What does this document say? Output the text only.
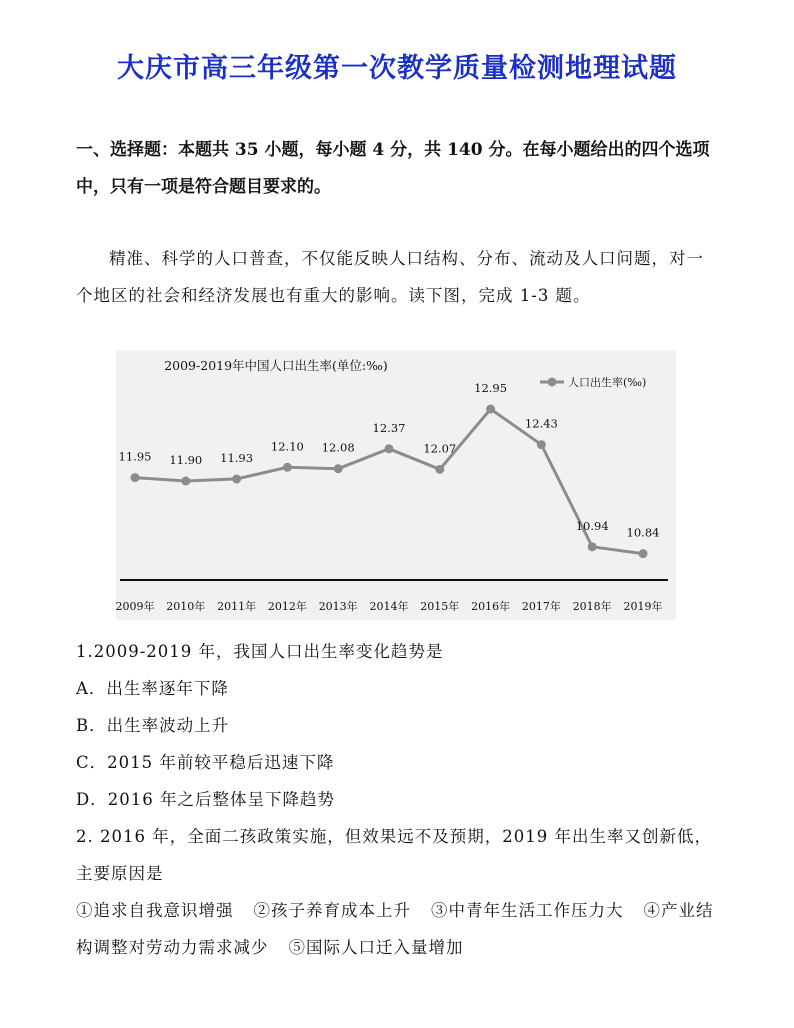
大庆市高三年级第一次教学质量检测地理试题
一、选择题：本题共 35 小题，每小题 4 分，共 140 分。在每小题给出的四个选项中，只有一项是符合题目要求的。
精准、科学的人口普查，不仅能反映人口结构、分布、流动及人口问题，对一个地区的社会和经济发展也有重大的影响。读下图，完成 1-3 题。
2009-2019年中国人口出生率(单位:‰)
人口出生率(‰)
11.95
2009年
11.90
2010年
11.93
2011年
12.10
2012年
12.08
2013年
12.37
2014年
12.07
2015年
12.95
2016年
12.43
2017年
10.94
2018年
10.84
2019年
1.2009-2019 年，我国人口出生率变化趋势是
A．出生率逐年下降
B．出生率波动上升
C．2015 年前较平稳后迅速下降
D．2016 年之后整体呈下降趋势
2. 2016 年，全面二孩政策实施，但效果远不及预期，2019 年出生率又创新低，主要原因是
①追求自我意识增强 ②孩子养育成本上升 ③中青年生活工作压力大 ④产业结构调整对劳动力需求减少 ⑤国际人口迁入量增加
